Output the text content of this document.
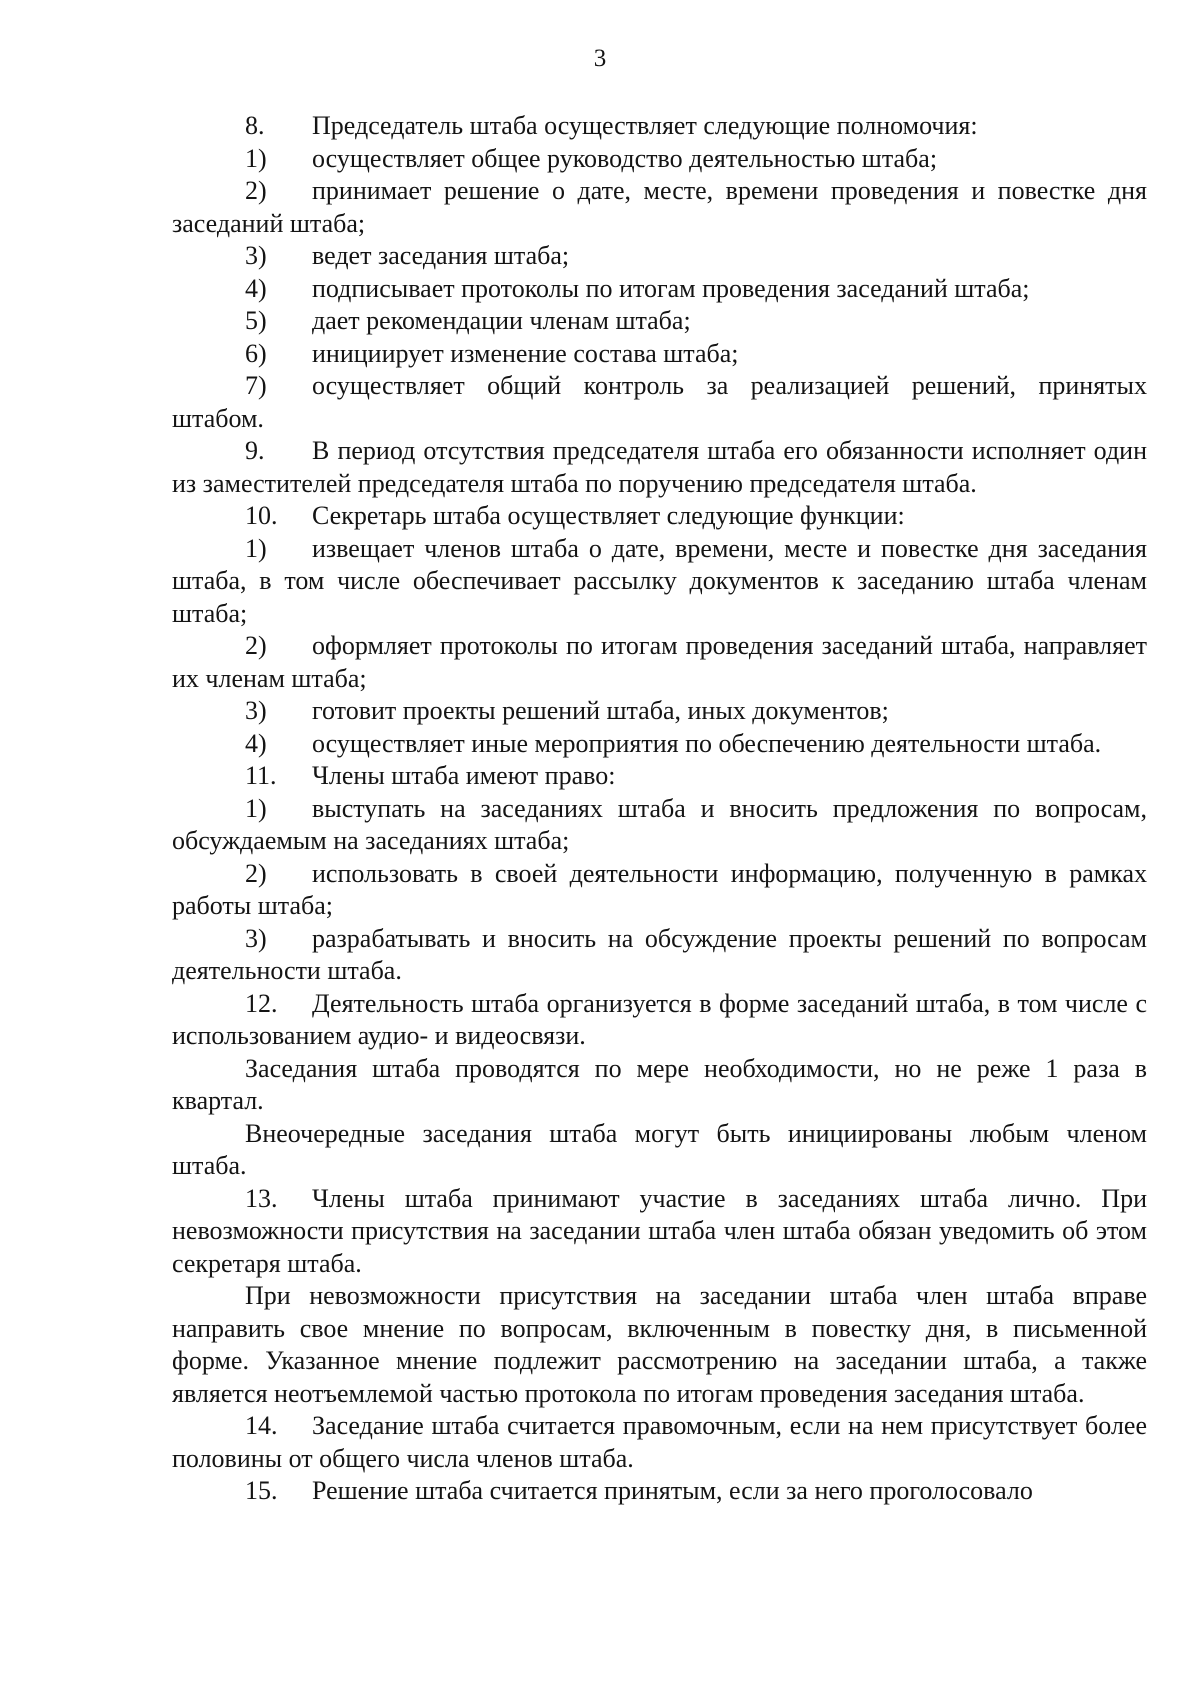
3

8. Председатель штаба осуществляет следующие полномочия:

1) осуществляет общее руководство деятельностью штаба;

2) принимает решение о дате, месте, времени проведения и повестке дня заседаний штаба;

3) ведет заседания штаба;

4) подписывает протоколы по итогам проведения заседаний штаба;

5) дает рекомендации членам штаба;

6) инициирует изменение состава штаба;

7) осуществляет общий контроль за реализацией решений, принятых штабом.

9. В период отсутствия председателя штаба его обязанности исполняет один из заместителей председателя штаба по поручению председателя штаба.

10. Секретарь штаба осуществляет следующие функции:

1) извещает членов штаба о дате, времени, месте и повестке дня заседания штаба, в том числе обеспечивает рассылку документов к заседанию штаба членам штаба;

2) оформляет протоколы по итогам проведения заседаний штаба, направляет их членам штаба;

3) готовит проекты решений штаба, иных документов;

4) осуществляет иные мероприятия по обеспечению деятельности штаба.

11. Члены штаба имеют право:

1) выступать на заседаниях штаба и вносить предложения по вопросам, обсуждаемым на заседаниях штаба;

2) использовать в своей деятельности информацию, полученную в рамках работы штаба;

3) разрабатывать и вносить на обсуждение проекты решений по вопросам деятельности штаба.

12. Деятельность штаба организуется в форме заседаний штаба, в том числе с использованием аудио- и видеосвязи.

Заседания штаба проводятся по мере необходимости, но не реже 1 раза в квартал.

Внеочередные заседания штаба могут быть инициированы любым членом штаба.

13. Члены штаба принимают участие в заседаниях штаба лично. При невозможности присутствия на заседании штаба член штаба обязан уведомить об этом секретаря штаба.

При невозможности присутствия на заседании штаба член штаба вправе направить свое мнение по вопросам, включенным в повестку дня, в письменной форме. Указанное мнение подлежит рассмотрению на заседании штаба, а также является неотъемлемой частью протокола по итогам проведения заседания штаба.

14. Заседание штаба считается правомочным, если на нем присутствует более половины от общего числа членов штаба.

15. Решение штаба считается принятым, если за него проголосовало
